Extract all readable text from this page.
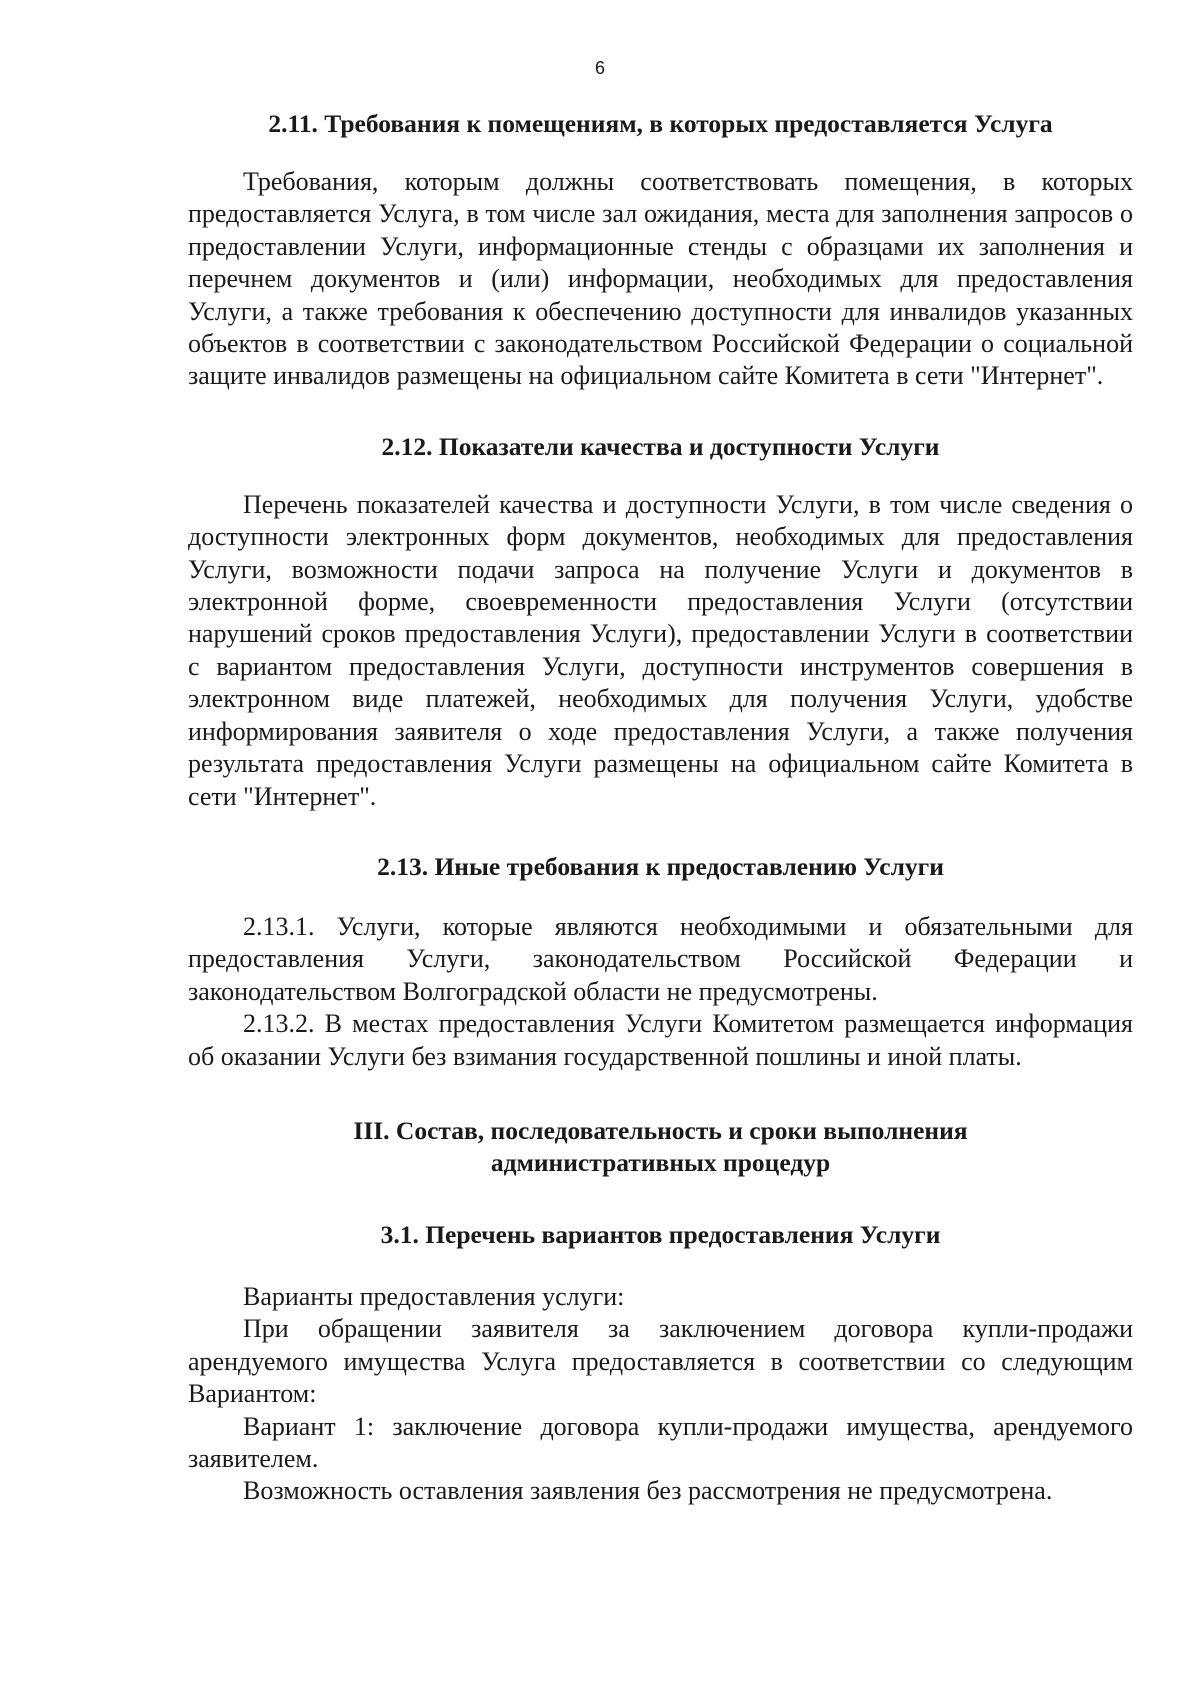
6
2.11. Требования к помещениям, в которых предоставляется Услуга

Требования, которым должны соответствовать помещения, в которых предоставляется Услуга, в том числе зал ожидания, места для заполнения запросов о предоставлении Услуги, информационные стенды с образцами их заполнения и перечнем документов и (или) информации, необходимых для предоставления Услуги, а также требования к обеспечению доступности для инвалидов указанных объектов в соответствии с законодательством Российской Федерации о социальной защите инвалидов размещены на официальном сайте Комитета в сети "Интернет".

2.12. Показатели качества и доступности Услуги

Перечень показателей качества и доступности Услуги, в том числе сведения о доступности электронных форм документов, необходимых для предоставления Услуги, возможности подачи запроса на получение Услуги и документов в электронной форме, своевременности предоставления Услуги (отсутствии нарушений сроков предоставления Услуги), предоставлении Услуги в соответствии с вариантом предоставления Услуги, доступности инструментов совершения в электронном виде платежей, необходимых для получения Услуги, удобстве информирования заявителя о ходе предоставления Услуги, а также получения результата предоставления Услуги размещены на официальном сайте Комитета в сети "Интернет".

2.13. Иные требования к предоставлению Услуги

2.13.1. Услуги, которые являются необходимыми и обязательными для предоставления Услуги, законодательством Российской Федерации и законодательством Волгоградской области не предусмотрены.

2.13.2. В местах предоставления Услуги Комитетом размещается информация об оказании Услуги без взимания государственной пошлины и иной платы.

III. Состав, последовательность и сроки выполнения
административных процедур
3.1. Перечень вариантов предоставления Услуги

Варианты предоставления услуги:

При обращении заявителя за заключением договора купли-продажи арендуемого имущества Услуга предоставляется в соответствии со следующим Вариантом:

Вариант 1: заключение договора купли-продажи имущества, арендуемого заявителем.

Возможность оставления заявления без рассмотрения не предусмотрена.
